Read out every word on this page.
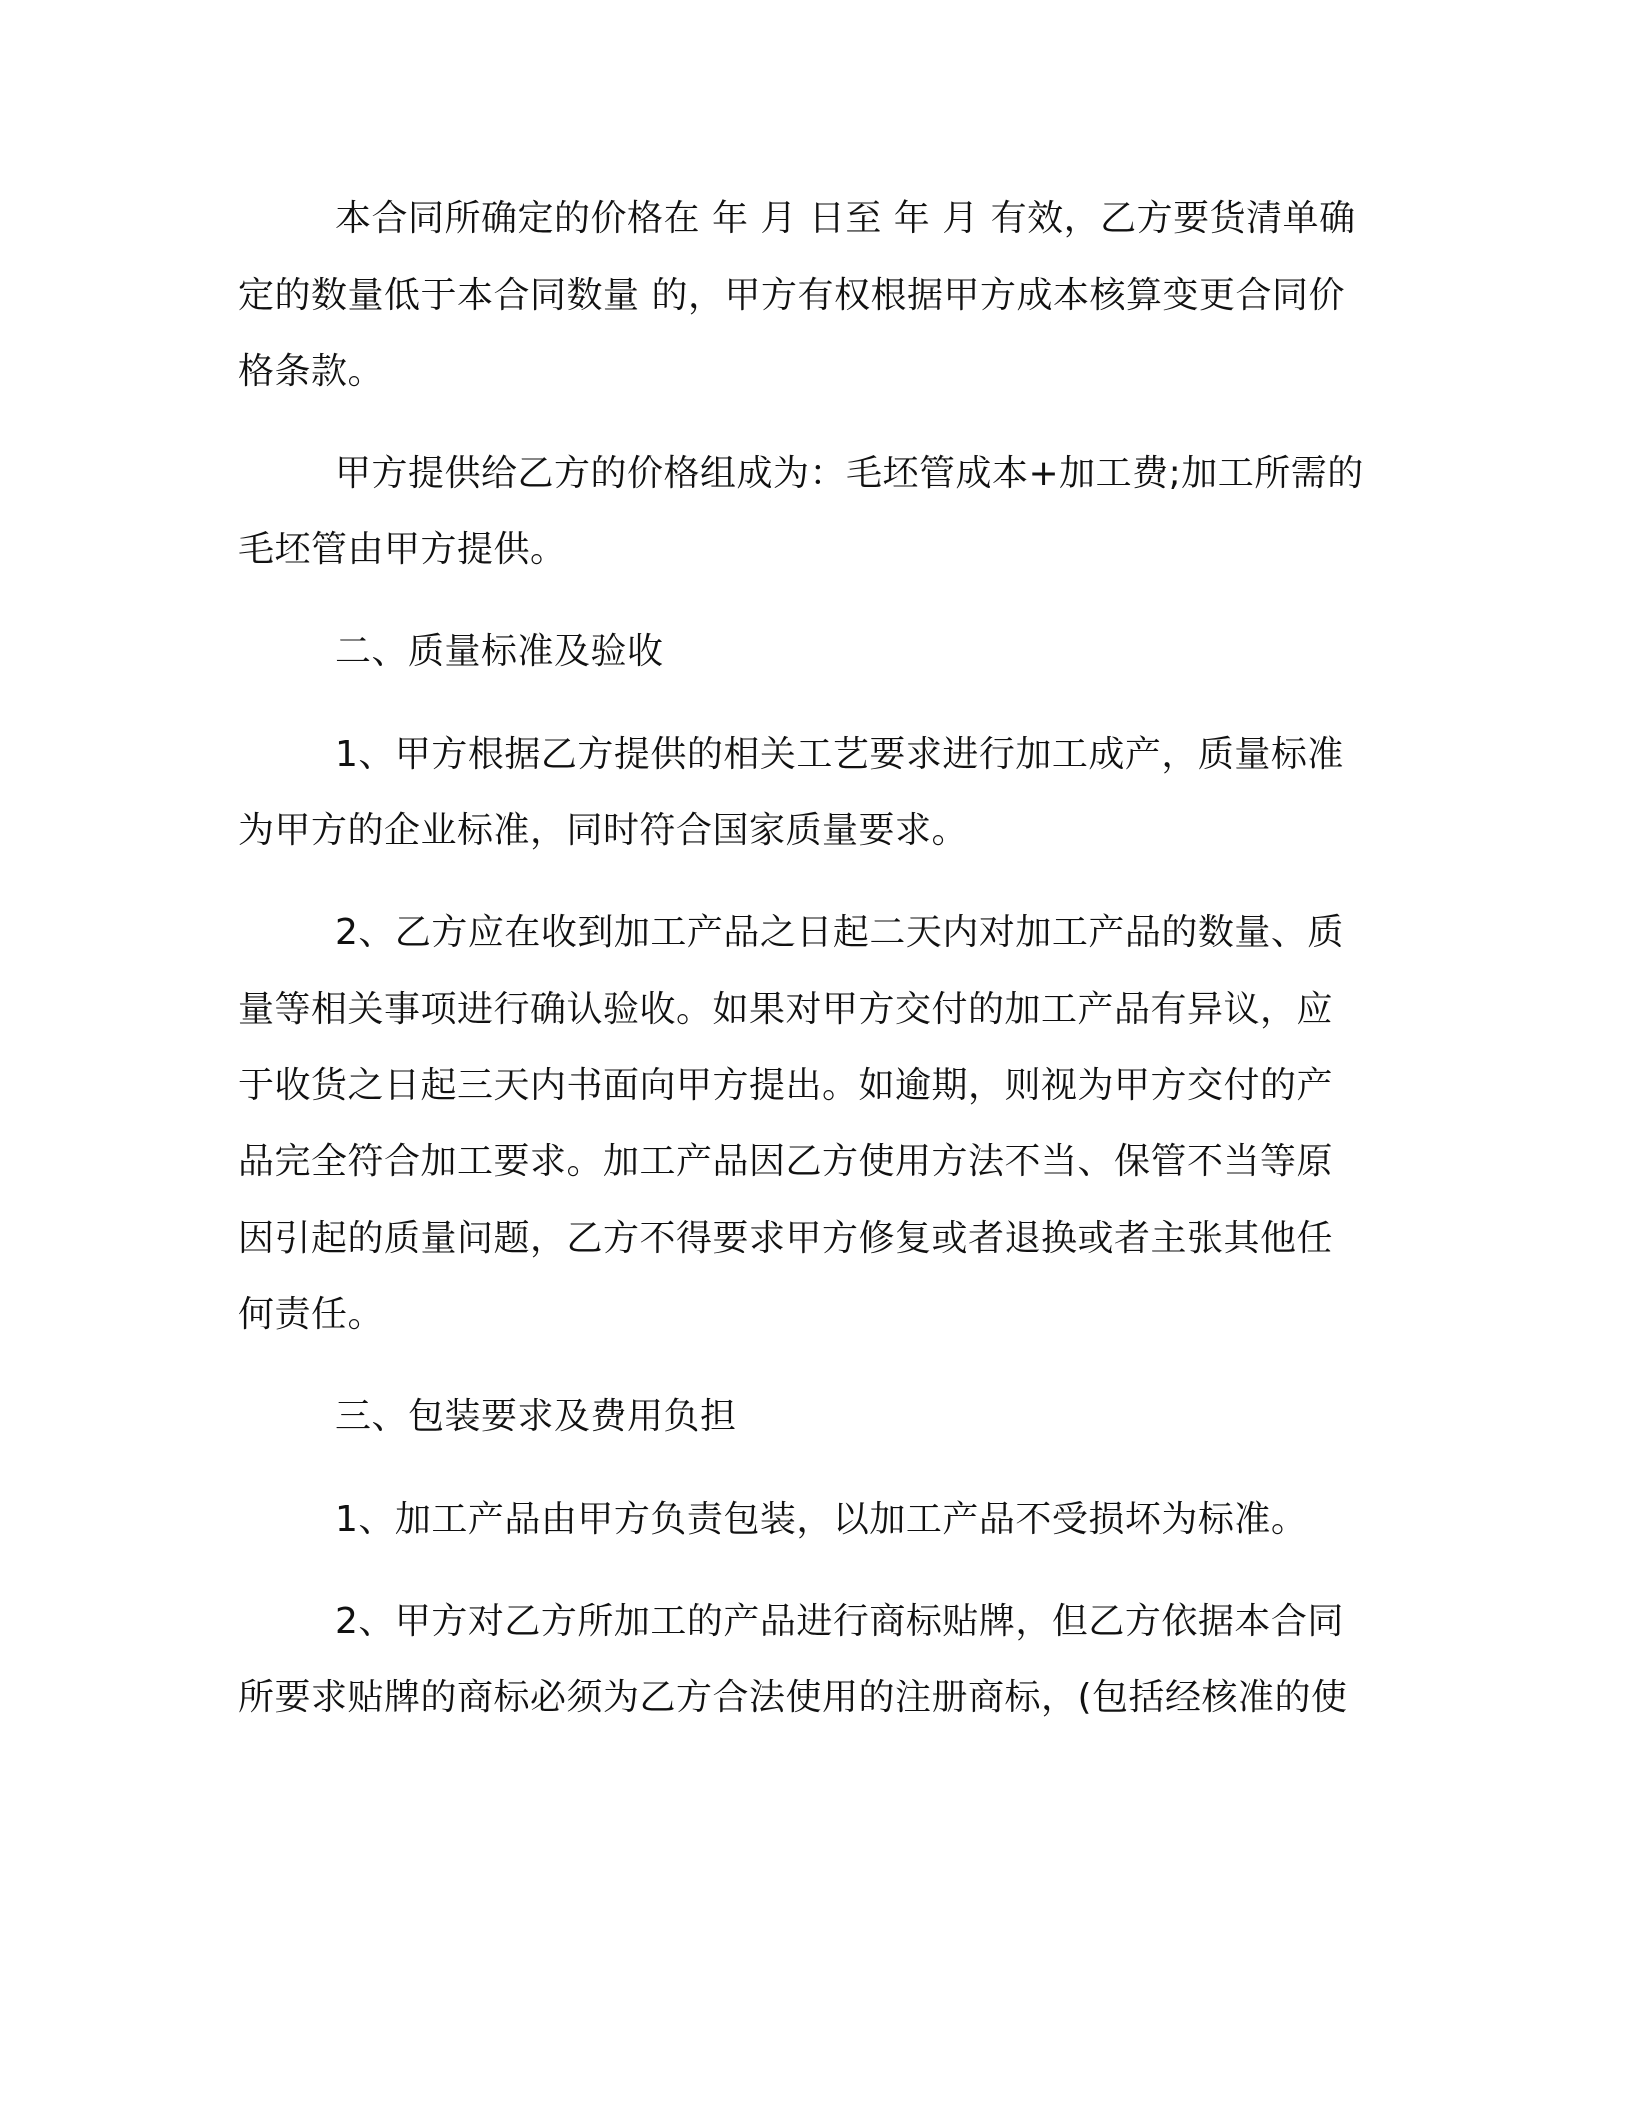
本合同所确定的价格在 年 月 日至 年 月 有效，乙方要货清单确

定的数量低于本合同数量 的，甲方有权根据甲方成本核算变更合同价

格条款。

甲方提供给乙方的价格组成为：毛坯管成本+加工费;加工所需的

毛坯管由甲方提供。

二、质量标准及验收

1、甲方根据乙方提供的相关工艺要求进行加工成产，质量标准

为甲方的企业标准，同时符合国家质量要求。

2、乙方应在收到加工产品之日起二天内对加工产品的数量、质

量等相关事项进行确认验收。如果对甲方交付的加工产品有异议，应

于收货之日起三天内书面向甲方提出。如逾期，则视为甲方交付的产

品完全符合加工要求。加工产品因乙方使用方法不当、保管不当等原

因引起的质量问题，乙方不得要求甲方修复或者退换或者主张其他任

何责任。

三、包装要求及费用负担

1、加工产品由甲方负责包装，以加工产品不受损坏为标准。

2、甲方对乙方所加工的产品进行商标贴牌，但乙方依据本合同

所要求贴牌的商标必须为乙方合法使用的注册商标，(包括经核准的使
